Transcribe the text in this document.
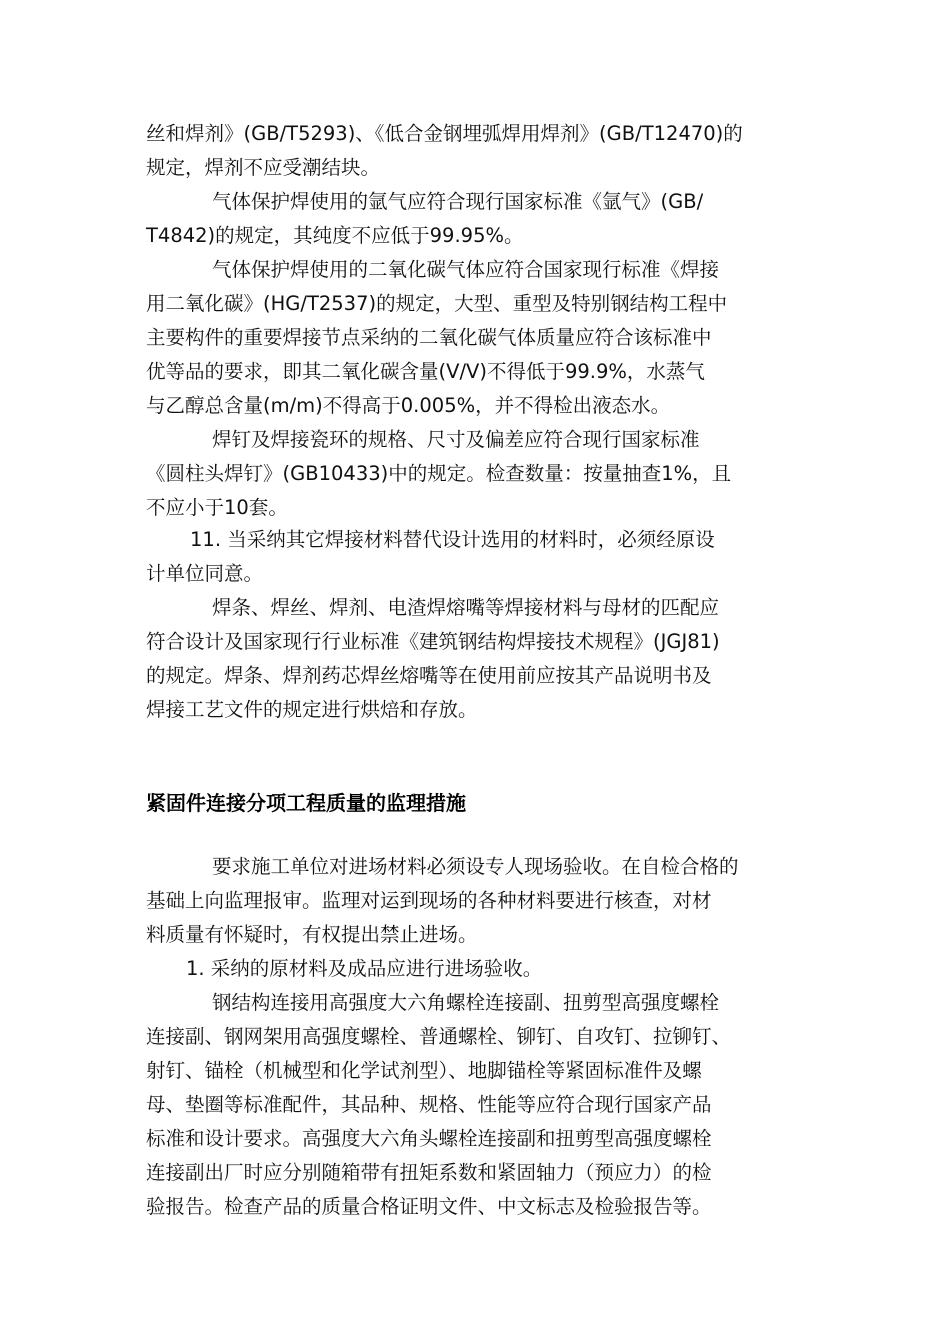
丝和焊剂》(GB/T5293)、《低合金钢埋弧焊用焊剂》(GB/T12470)的
规定，焊剂不应受潮结块。
气体保护焊使用的氩气应符合现行国家标准《氩气》(GB/
T4842)的规定，其纯度不应低于99.95%。
气体保护焊使用的二氧化碳气体应符合国家现行标准《焊接
用二氧化碳》(HG/T2537)的规定，大型、重型及特别钢结构工程中
主要构件的重要焊接节点采纳的二氧化碳气体质量应符合该标准中
优等品的要求，即其二氧化碳含量(V/V)不得低于99.9%，水蒸气
与乙醇总含量(m/m)不得高于0.005%，并不得检出液态水。
焊钉及焊接瓷环的规格、尺寸及偏差应符合现行国家标准
《圆柱头焊钉》(GB10433)中的规定。检查数量：按量抽查1%，且
不应小于10套。
11. 当采纳其它焊接材料替代设计选用的材料时，必须经原设
计单位同意。
焊条、焊丝、焊剂、电渣焊熔嘴等焊接材料与母材的匹配应
符合设计及国家现行行业标准《建筑钢结构焊接技术规程》(JGJ81)
的规定。焊条、焊剂药芯焊丝熔嘴等在使用前应按其产品说明书及
焊接工艺文件的规定进行烘焙和存放。
紧固件连接分项工程质量的监理措施
要求施工单位对进场材料必须设专人现场验收。在自检合格的
基础上向监理报审。监理对运到现场的各种材料要进行核查，对材
料质量有怀疑时，有权提出禁止进场。
1. 采纳的原材料及成品应进行进场验收。
钢结构连接用高强度大六角螺栓连接副、扭剪型高强度螺栓
连接副、钢网架用高强度螺栓、普通螺栓、铆钉、自攻钉、拉铆钉、
射钉、锚栓（机械型和化学试剂型）、地脚锚栓等紧固标准件及螺
母、垫圈等标准配件，其品种、规格、性能等应符合现行国家产品
标准和设计要求。高强度大六角头螺栓连接副和扭剪型高强度螺栓
连接副出厂时应分别随箱带有扭矩系数和紧固轴力（预应力）的检
验报告。检查产品的质量合格证明文件、中文标志及检验报告等。
